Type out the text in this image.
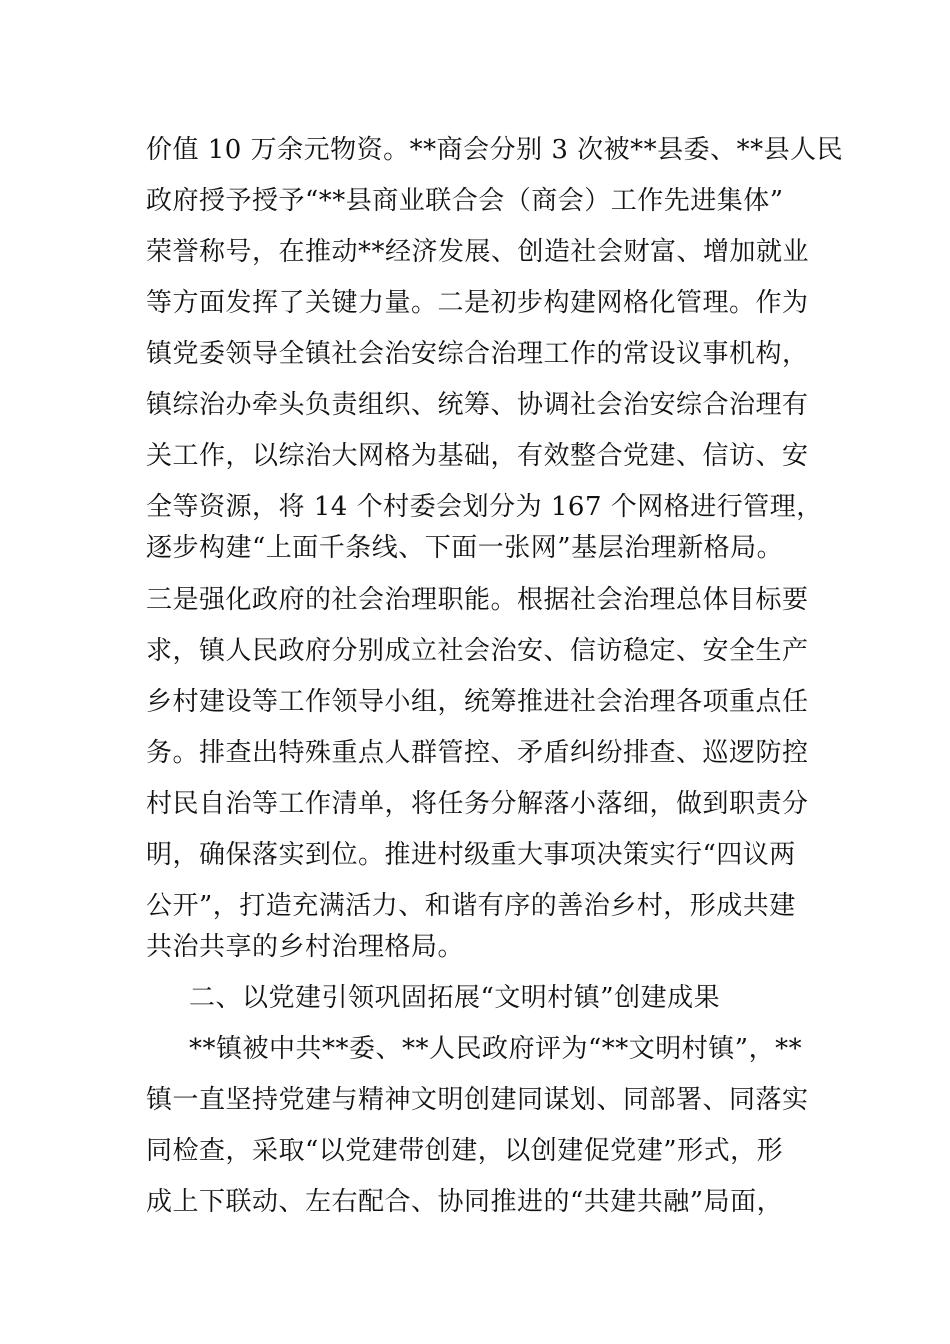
价值 10 万余元物资。**商会分别 3 次被**县委、**县人民
政府授予授予“**县商业联合会（商会）工作先进集体”
荣誉称号，在推动**经济发展、创造社会财富、增加就业
等方面发挥了关键力量。二是初步构建网格化管理。作为
镇党委领导全镇社会治安综合治理工作的常设议事机构，
镇综治办牵头负责组织、统筹、协调社会治安综合治理有
关工作，以综治大网格为基础，有效整合党建、信访、安
全等资源，将 14 个村委会划分为 167 个网格进行管理，
逐步构建“上面千条线、下面一张网”基层治理新格局。
三是强化政府的社会治理职能。根据社会治理总体目标要
求，镇人民政府分别成立社会治安、信访稳定、安全生产
乡村建设等工作领导小组，统筹推进社会治理各项重点任
务。排查出特殊重点人群管控、矛盾纠纷排查、巡逻防控
村民自治等工作清单，将任务分解落小落细，做到职责分
明，确保落实到位。推进村级重大事项决策实行“四议两
公开”，打造充满活力、和谐有序的善治乡村，形成共建
共治共享的乡村治理格局。
二、以党建引领巩固拓展“文明村镇”创建成果
**镇被中共**委、**人民政府评为“**文明村镇”，**
镇一直坚持党建与精神文明创建同谋划、同部署、同落实
同检查，采取“以党建带创建，以创建促党建”形式，形
成上下联动、左右配合、协同推进的“共建共融”局面，
